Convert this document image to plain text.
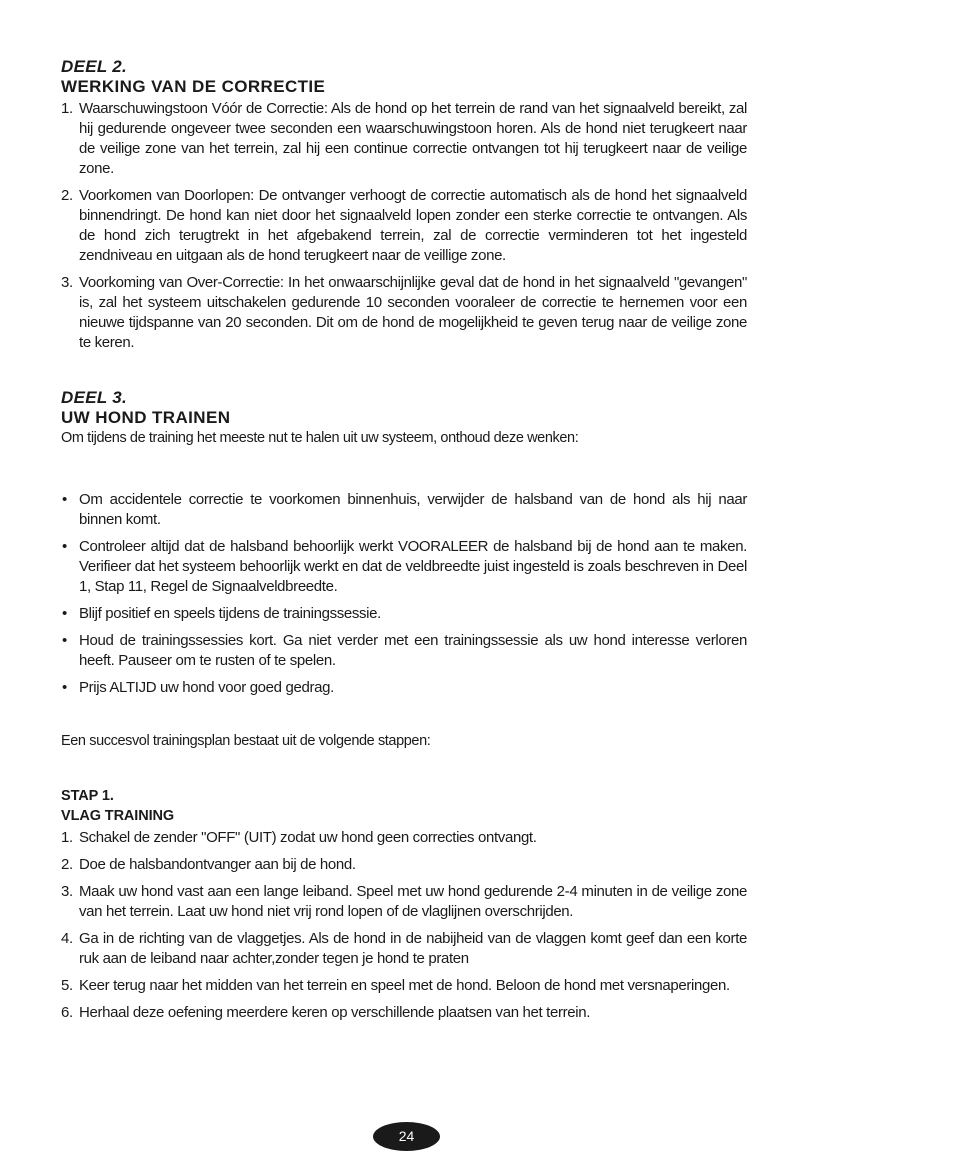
DEEL 2.

WERKING VAN DE CORRECTIE

1. Waarschuwingstoon Vóór de Correctie: Als de hond op het terrein de rand van het signaalveld bereikt, zal hij gedurende ongeveer twee seconden een waarschuwingstoon horen. Als de hond niet terugkeert naar de veilige zone van het terrein, zal hij een continue correctie ontvangen tot hij terugkeert naar de veilige zone.
2. Voorkomen van Doorlopen: De ontvanger verhoogt de correctie automatisch als de hond het signaalveld binnendringt. De hond kan niet door het signaalveld lopen zonder een sterke correctie te ontvangen. Als de hond zich terugtrekt in het afgebakend terrein, zal de correctie verminderen tot het ingesteld zendniveau en uitgaan als de hond terugkeert naar de veillige zone.
3. Voorkoming van Over-Correctie: In het onwaarschijnlijke geval dat de hond in het signaalveld "gevangen" is, zal het systeem uitschakelen gedurende 10 seconden vooraleer de correctie te hernemen voor een nieuwe tijdspanne van 20 seconden. Dit om de hond de mogelijkheid te geven terug naar de veilige zone te keren.

DEEL 3.

UW HOND TRAINEN

Om tijdens de training het meeste nut te halen uit uw systeem, onthoud deze wenken:

• Om accidentele correctie te voorkomen binnenhuis, verwijder de halsband van de hond als hij naar binnen komt.
• Controleer altijd dat de halsband behoorlijk werkt VOORALEER de halsband bij de hond aan te maken. Verifieer dat het systeem behoorlijk werkt en dat de veldbreedte juist ingesteld is zoals beschreven in Deel 1, Stap 11, Regel de Signaalveldbreedte.
• Blijf positief en speels tijdens de trainingssessie.
• Houd de trainingssessies kort. Ga niet verder met een trainingssessie als uw hond interesse verloren heeft. Pauseer om te rusten of te spelen.
• Prijs ALTIJD uw hond voor goed gedrag.

Een succesvol trainingsplan bestaat uit de volgende stappen:

STAP 1.

VLAG TRAINING

1. Schakel de zender "OFF" (UIT) zodat uw hond geen correcties ontvangt.
2. Doe de halsbandontvanger aan bij de hond.
3. Maak uw hond vast aan een lange leiband. Speel met uw hond gedurende 2-4 minuten in de veilige zone van het terrein. Laat uw hond niet vrij rond lopen of de vlaglijnen overschrijden.
4. Ga in de richting van de vlaggetjes. Als de hond in de nabijheid van de vlaggen komt geef dan een korte ruk aan de leiband naar achter,zonder tegen je hond te praten
5. Keer terug naar het midden van het terrein en speel met de hond. Beloon de hond met versnaperingen.
6. Herhaal deze oefening meerdere keren op verschillende plaatsen van het terrein.
24
